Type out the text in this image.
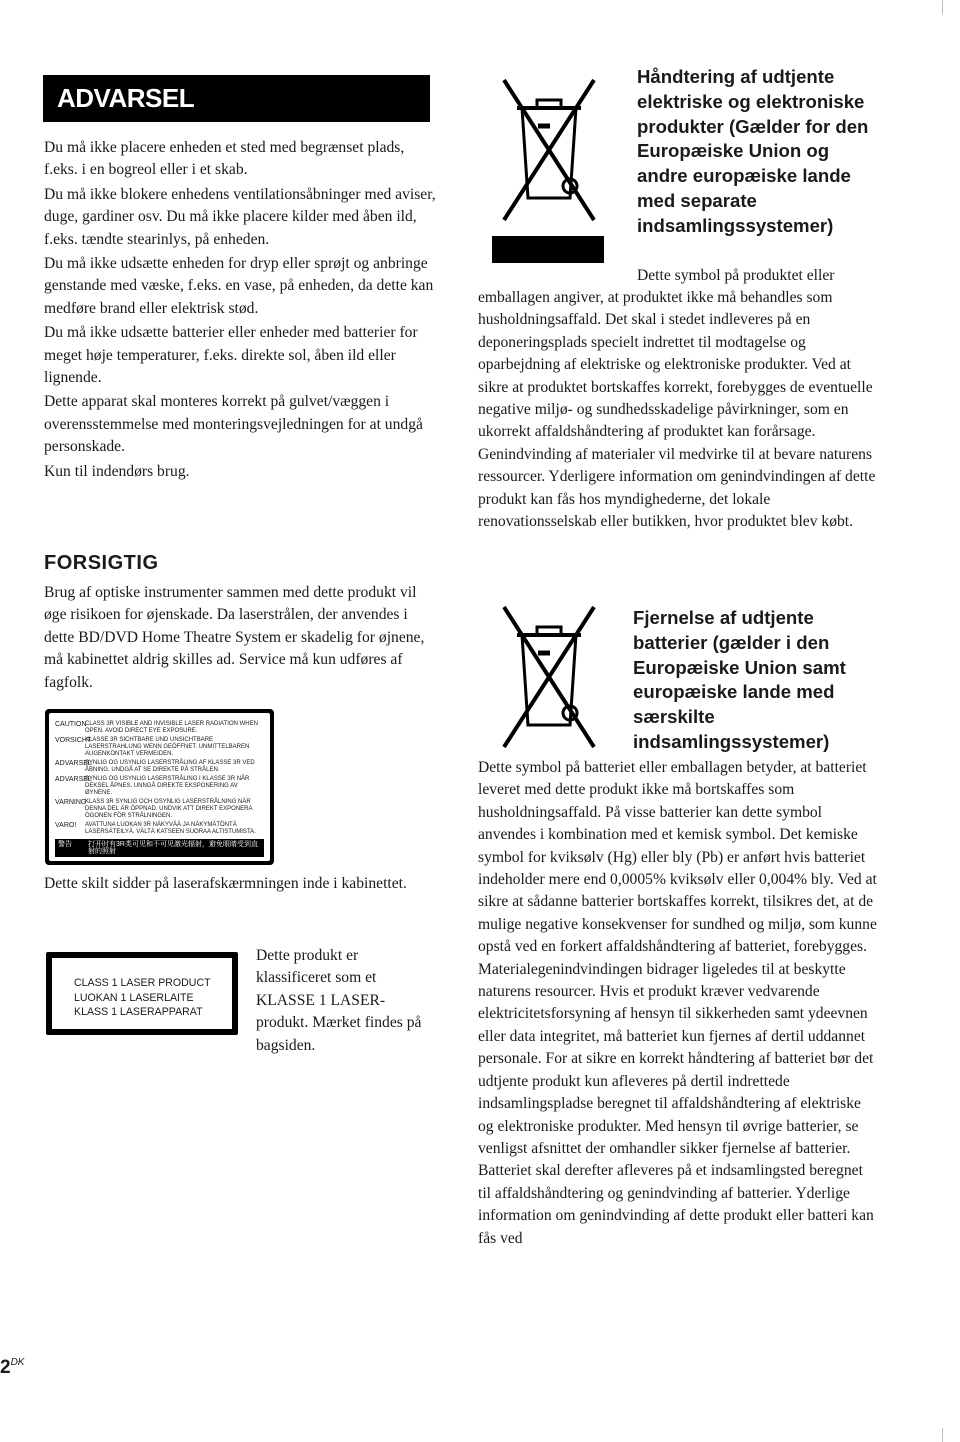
ADVARSEL

Du må ikke placere enheden et sted med begrænset plads, f.eks. i en bogreol eller i et skab.

Du må ikke blokere enhedens ventilationsåbninger med aviser, duge, gardiner osv. Du må ikke placere kilder med åben ild, f.eks. tændte stearinlys, på enheden.

Du må ikke udsætte enheden for dryp eller sprøjt og anbringe genstande med væske, f.eks. en vase, på enheden, da dette kan medføre brand eller elektrisk stød.

Du må ikke udsætte batterier eller enheder med batterier for meget høje temperaturer, f.eks. direkte sol, åben ild eller lignende.

Dette apparat skal monteres korrekt på gulvet/væggen i overensstemmelse med monteringsvejledningen for at undgå personskade.

Kun til indendørs brug.

FORSIGTIG

Brug af optiske instrumenter sammen med dette produkt vil øge risikoen for øjenskade. Da laserstrålen, der anvendes i dette BD/DVD Home Theatre System er skadelig for øjnene, må kabinettet aldrig skilles ad. Service må kun udføres af fagfolk.

CAUTION
CLASS 3R VISIBLE AND INVISIBLE LASER RADIATION WHEN OPEN. AVOID DIRECT EYE EXPOSURE.
VORSICHT
KLASSE 3R SICHTBARE UND UNSICHTBARE LASERSTRAHLUNG WENN GEÖFFNET. UNMITTELBAREN AUGENKONTAKT VERMEIDEN.
ADVARSEL
SYNLIG OG USYNLIG LASERSTRÅLING AF KLASSE 3R VED ÅBNING. UNDGÅ AT SE DIREKTE PÅ STRÅLEN.
ADVARSEL
SYNLIG OG USYNLIG LASERSTRÅLING I KLASSE 3R NÅR DEKSEL ÅPNES. UNNGÅ DIREKTE EKSPONERING AV ØYNENE.
VARNING
KLASS 3R SYNLIG OCH OSYNLIG LASERSTRÅLNING NÄR DENNA DEL ÄR ÖPPNAD. UNDVIK ATT DIREKT EXPONERA ÖGONEN FÖR STRÅLNINGEN.
VARO!	AVATTUNA LUOKAN 3R NÄKYVÄÄ JA NÄKYMÄTÖNTÄ LASERSÄTEILYÄ. VÄLTÄ KATSEEN SUORAA ALTISTUMISTA.
警告	打开时有3R类可见和不可见激光辐射，避免眼睛受到直射的照射

Dette skilt sidder på laserafskærmningen inde i kabinettet.

CLASS 1 LASER PRODUCT
LUOKAN 1 LASERLAITE
KLASS 1 LASERAPPARAT

Dette produkt er klassificeret som et KLASSE 1 LASER-produkt. Mærket findes på bagsiden.

Håndtering af udtjente elektriske og elektroniske produkter (Gælder for den Europæiske Union og andre europæiske lande med separate indsamlingssystemer)

Dette symbol på produktet eller

emballagen angiver, at produktet ikke må behandles som husholdningsaffald. Det skal i stedet indleveres på en deponeringsplads specielt indrettet til modtagelse og oparbejdning af elektriske og elektroniske produkter. Ved at sikre at produktet bortskaffes korrekt, forebygges de eventuelle negative miljø- og sundhedsskadelige påvirkninger, som en ukorrekt affaldshåndtering af produktet kan forårsage. Genindvinding af materialer vil medvirke til at bevare naturens ressourcer. Yderligere information om genindvindingen af dette produkt kan fås hos myndighederne, det lokale renovationsselskab eller butikken, hvor produktet blev købt.

Fjernelse af udtjente batterier (gælder i den Europæiske Union samt europæiske lande med særskilte indsamlingssystemer)

Dette symbol på batteriet eller emballagen betyder, at batteriet leveret med dette produkt ikke må bortskaffes som husholdningsaffald. På visse batterier kan dette symbol anvendes i kombination med et kemisk symbol. Det kemiske symbol for kviksølv (Hg) eller bly (Pb) er anført hvis batteriet indeholder mere end 0,0005% kviksølv eller 0,004% bly. Ved at sikre at sådanne batterier bortskaffes korrekt, tilsikres det, at de mulige negative konsekvenser for sundhed og miljø, som kunne opstå ved en forkert affaldshåndtering af batteriet, forebygges. Materialegenindvindingen bidrager ligeledes til at beskytte naturens resourcer. Hvis et produkt kræver vedvarende elektricitetsforsyning af hensyn til sikkerheden samt ydeevnen eller data integritet, må batteriet kun fjernes af dertil uddannet personale. For at sikre en korrekt håndtering af batteriet bør det udtjente produkt kun afleveres på dertil indrettede indsamlingspladse beregnet til affaldshåndtering af elektriske og elektroniske produkter. Med hensyn til øvrige batterier, se venligst afsnittet der omhandler sikker fjernelse af batterier. Batteriet skal derefter afleveres på et indsamlingsted beregnet til affaldshåndtering og genindvinding af batterier. Yderlige information om genindvinding af dette produkt eller batteri kan fås ved

$2^{DK}$
